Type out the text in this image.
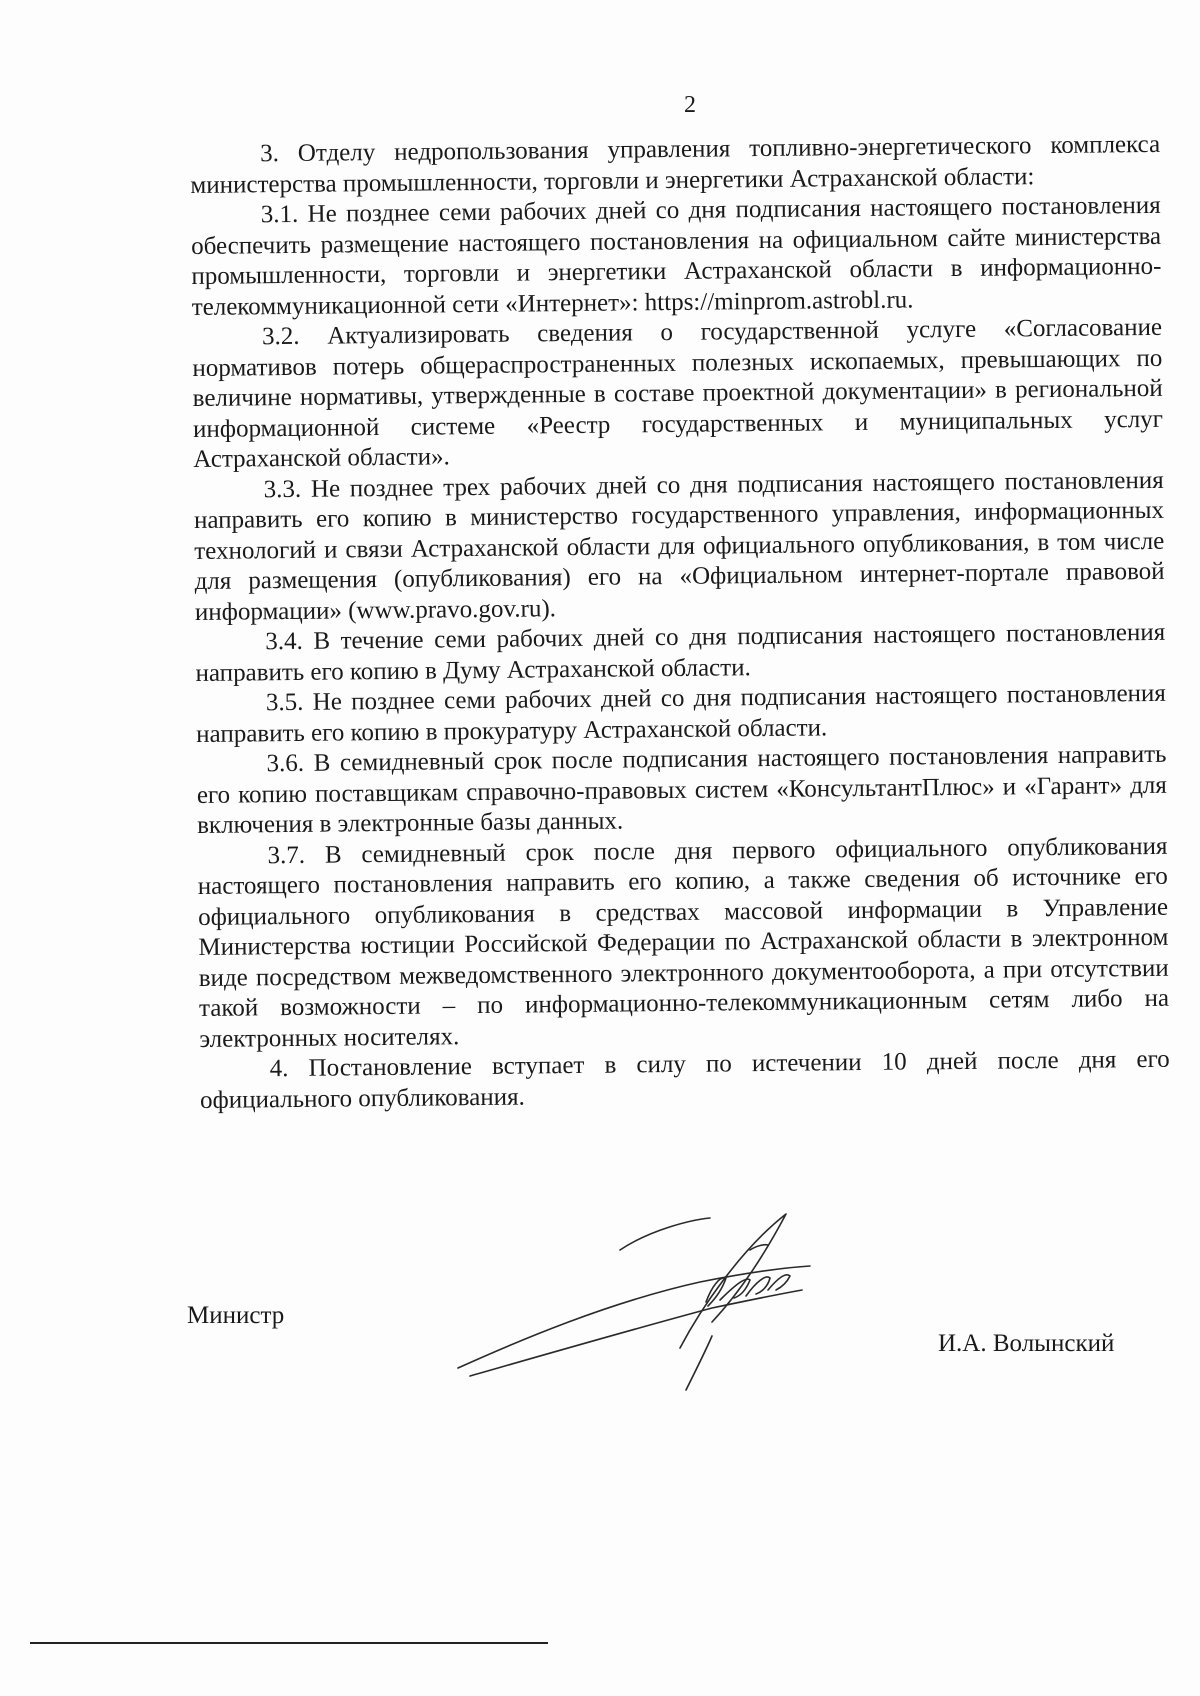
2

3. Отделу недропользования управления топливно-энергетического комплекса министерства промышленности, торговли и энергетики Астраханской области:

3.1. Не позднее семи рабочих дней со дня подписания настоящего постановления обеспечить размещение настоящего постановления на официальном сайте министерства промышленности, торговли и энергетики Астраханской области в информационно-телекоммуникационной сети «Интернет»: https://minprom.astrobl.ru.

3.2. Актуализировать сведения о государственной услуге «Согласование нормативов потерь общераспространенных полезных ископаемых, превышающих по величине нормативы, утвержденные в составе проектной документации» в региональной информационной системе «Реестр государственных и муниципальных услуг Астраханской области».

3.3. Не позднее трех рабочих дней со дня подписания настоящего постановления направить его копию в министерство государственного управления, информационных технологий и связи Астраханской области для официального опубликования, в том числе для размещения (опубликования) его на «Официальном интернет-портале правовой информации» (www.pravo.gov.ru).

3.4. В течение семи рабочих дней со дня подписания настоящего постановления направить его копию в Думу Астраханской области.

3.5. Не позднее семи рабочих дней со дня подписания настоящего постановления направить его копию в прокуратуру Астраханской области.

3.6. В семидневный срок после подписания настоящего постановления направить его копию поставщикам справочно-правовых систем «КонсультантПлюс» и «Гарант» для включения в электронные базы данных.

3.7. В семидневный срок после дня первого официального опубликования настоящего постановления направить его копию, а также сведения об источнике его официального опубликования в средствах массовой информации в Управление Министерства юстиции Российской Федерации по Астраханской области в электронном виде посредством межведомственного электронного документооборота, а при отсутствии такой возможности – по информационно-телекоммуникационным сетям либо на электронных носителях.

4. Постановление вступает в силу по истечении 10 дней после дня его официального опубликования.

Министр
И.А. Волынский
